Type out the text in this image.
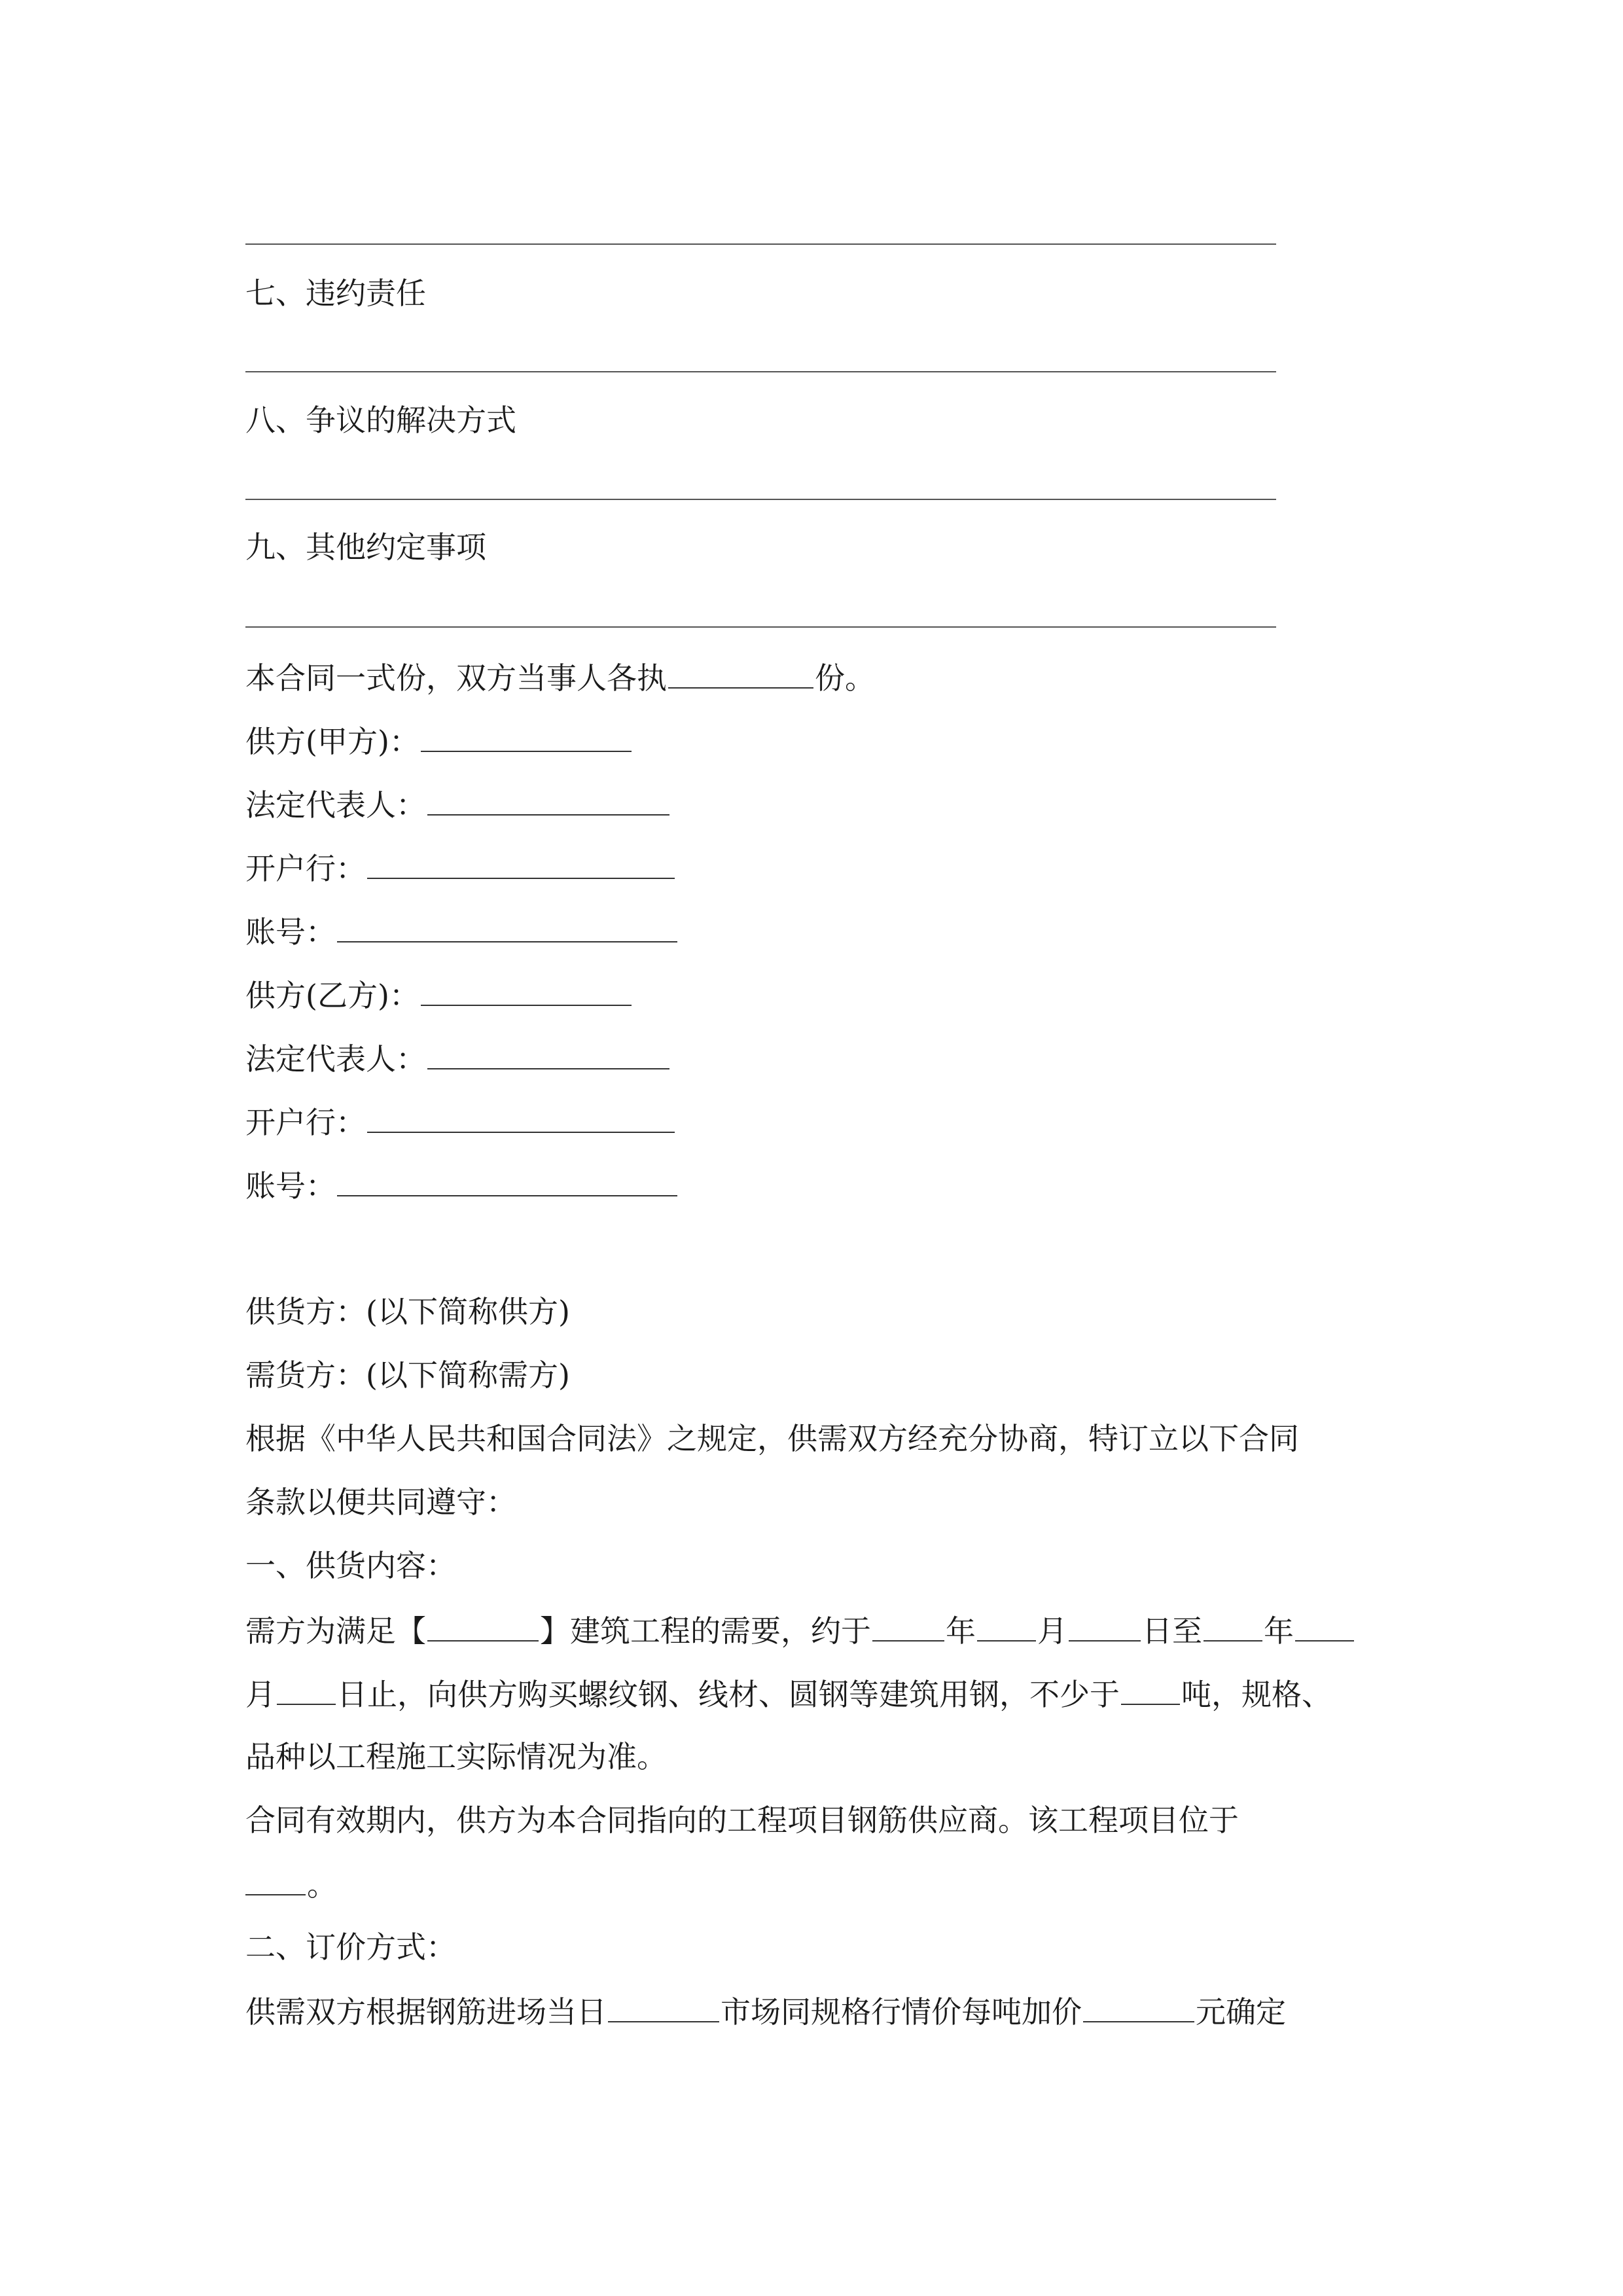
七、违约责任
八、争议的解决方式
九、其他约定事项
本合同一式份，双方当事人各执	份。
供方(甲方)：
法定代表人：
开户行：
账号：
供方(乙方)：
法定代表人：
开户行：
账号：
供货方：(以下简称供方)
需货方：(以下简称需方)
根据《中华人民共和国合同法》之规定，供需双方经充分协商，特订立以下合同
条款以便共同遵守：
一、供货内容：
需方为满足【	】建筑工程的需要，约于 年 月 日至 年
月 日止，向供方购买螺纹钢、线材、圆钢等建筑用钢，不少于 吨，规格、
品种以工程施工实际情况为准。
合同有效期内，供方为本合同指向的工程项目钢筋供应商。该工程项目位于
。
二、订价方式：
供需双方根据钢筋进场当日	市场同规格行情价每吨加价	元确定
